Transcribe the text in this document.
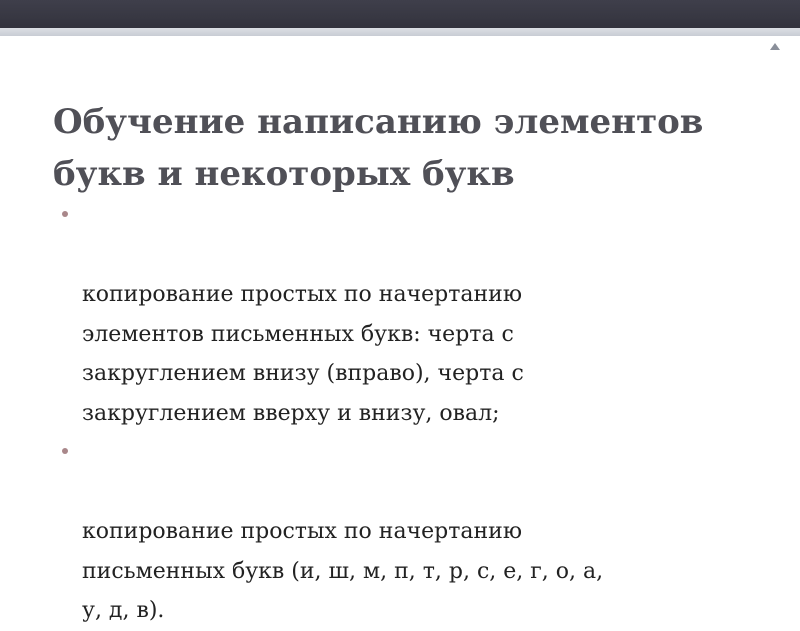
Обучение написанию элементов
букв и некоторых букв

копирование простых по начертанию
элементов письменных букв: черта с
закруглением внизу (вправо), черта с
закруглением вверху и внизу, овал;

копирование простых по начертанию
письменных букв (и, ш, м, п, т, р, с, е, г, о, а,
у, д, в).
